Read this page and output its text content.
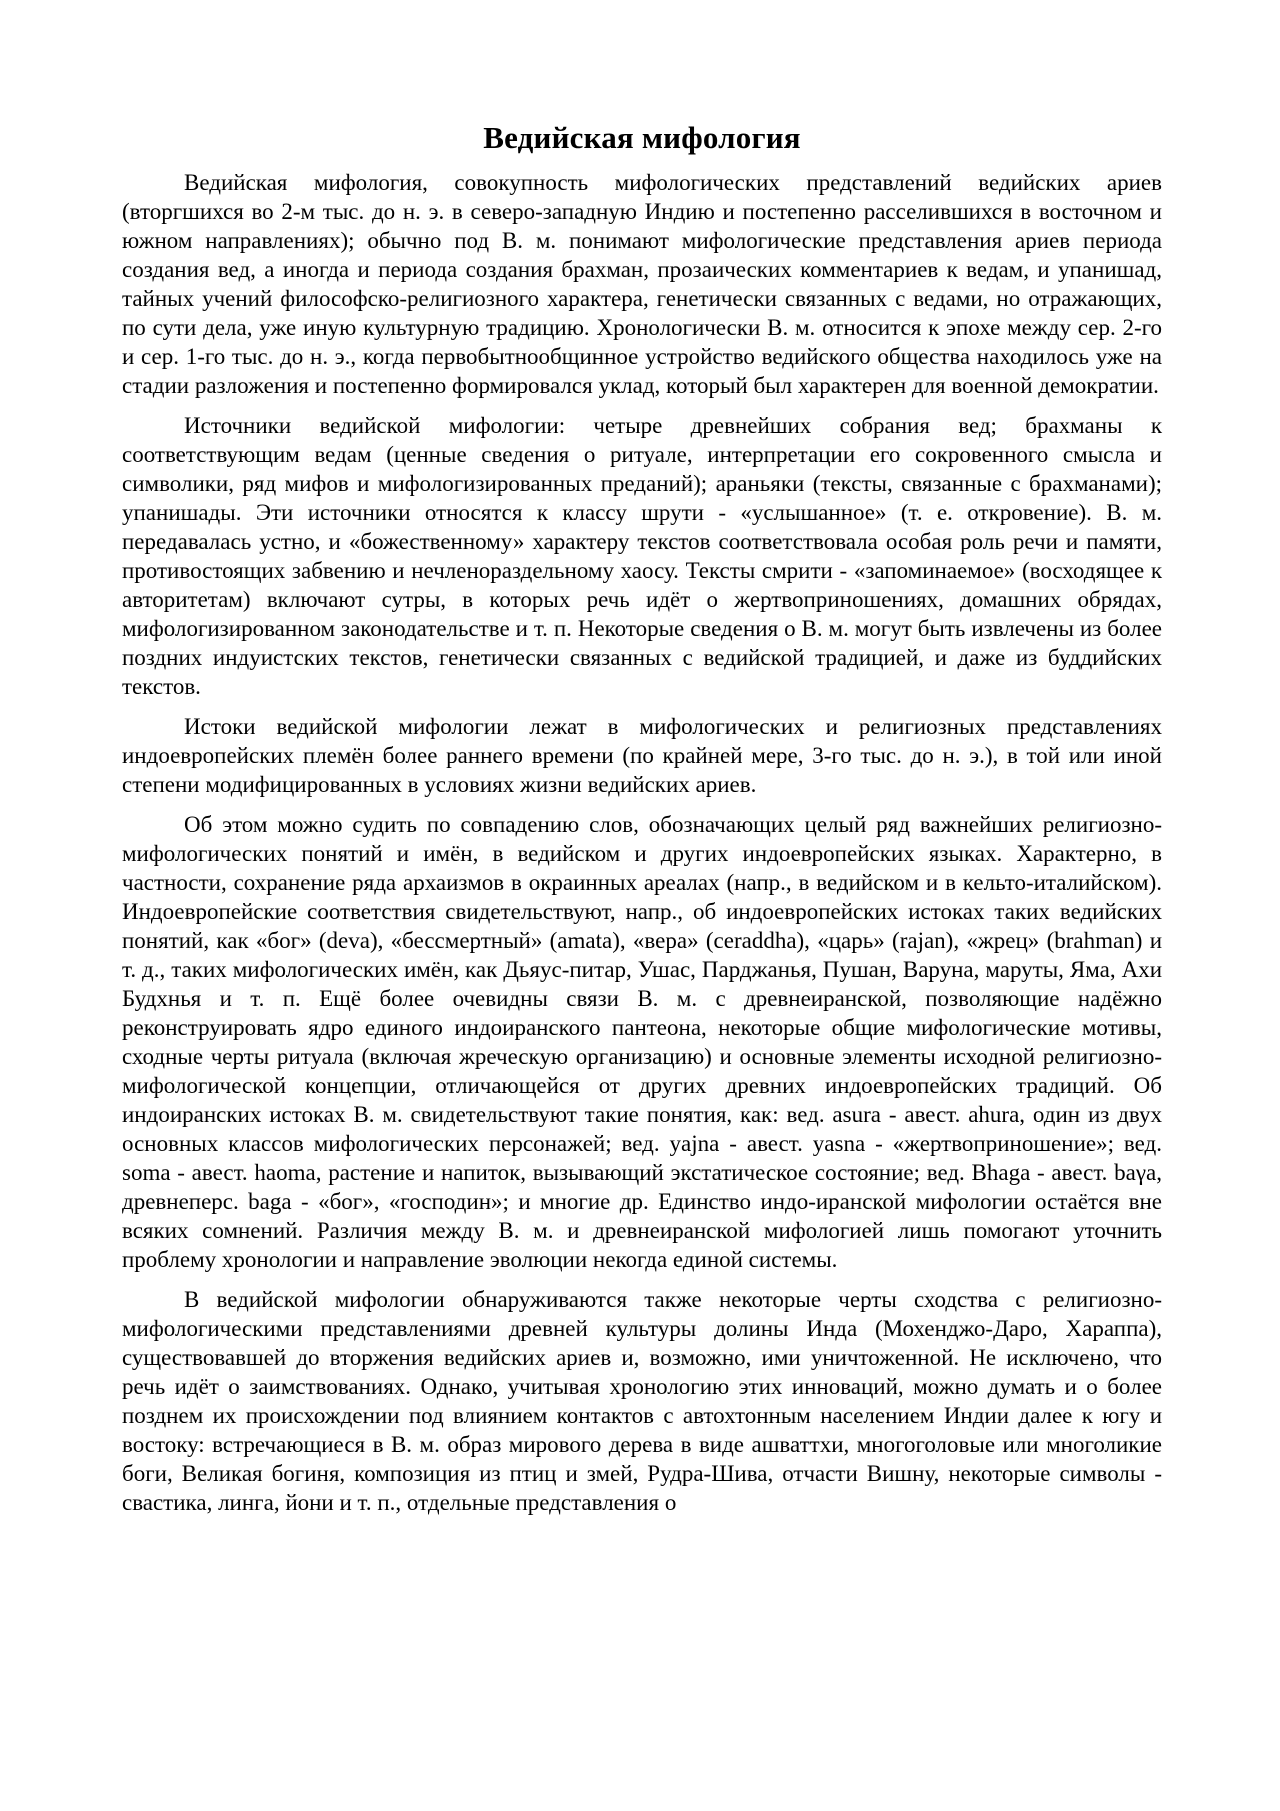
Ведийская мифология

Ведийская мифология, совокупность мифологических представлений ведийских ариев (вторгшихся во 2-м тыс. до н. э. в северо-западную Индию и постепенно расселившихся в восточном и южном направлениях); обычно под В. м. понимают мифологические представления ариев периода создания вед, а иногда и периода создания брахман, прозаических комментариев к ведам, и упанишад, тайных учений философско-религиозного характера, генетически связанных с ведами, но отражающих, по сути дела, уже иную культурную традицию. Хронологически В. м. относится к эпохе между сер. 2-го и сер. 1-го тыс. до н. э., когда первобытнообщинное устройство ведийского общества находилось уже на стадии разложения и постепенно формировался уклад, который был характерен для военной демократии.

Источники ведийской мифологии: четыре древнейших собрания вед; брахманы к соответствующим ведам (ценные сведения о ритуале, интерпретации его сокровенного смысла и символики, ряд мифов и мифологизированных преданий); араньяки (тексты, связанные с брахманами); упанишады. Эти источники относятся к классу шрути - «услышанное» (т. е. откровение). В. м. передавалась устно, и «божественному» характеру текстов соответствовала особая роль речи и памяти, противостоящих забвению и нечленораздельному хаосу. Тексты смрити - «запоминаемое» (восходящее к авторитетам) включают сутры, в которых речь идёт о жертвоприношениях, домашних обрядах, мифологизированном законодательстве и т. п. Некоторые сведения о В. м. могут быть извлечены из более поздних индуистских текстов, генетически связанных с ведийской традицией, и даже из буддийских текстов.

Истоки ведийской мифологии лежат в мифологических и религиозных представлениях индоевропейских племён более раннего времени (по крайней мере, 3-го тыс. до н. э.), в той или иной степени модифицированных в условиях жизни ведийских ариев.

Об этом можно судить по совпадению слов, обозначающих целый ряд важнейших религиозно-мифологических понятий и имён, в ведийском и других индоевропейских языках. Характерно, в частности, сохранение ряда архаизмов в окраинных ареалах (напр., в ведийском и в кельто-италийском). Индоевропейские соответствия свидетельствуют, напр., об индоевропейских истоках таких ведийских понятий, как «бог» (deva), «бессмертный» (amata), «вера» (ceraddha), «царь» (rajan), «жрец» (brahman) и т. д., таких мифологических имён, как Дьяус-питар, Ушас, Парджанья, Пушан, Варуна, маруты, Яма, Ахи Будхнья и т. п. Ещё более очевидны связи В. м. с древнеиранской, позволяющие надёжно реконструировать ядро единого индоиранского пантеона, некоторые общие мифологические мотивы, сходные черты ритуала (включая жреческую организацию) и основные элементы исходной религиозно-мифологической концепции, отличающейся от других древних индоевропейских традиций. Об индоиранских истоках В. м. свидетельствуют такие понятия, как: вед. asura - авест. ahura, один из двух основных классов мифологических персонажей; вед. yajna - авест. yasna - «жертвоприношение»; вед. soma - авест. haoma, растение и напиток, вызывающий экстатическое состояние; вед. Bhaga - авест. baγa, древнеперс. baga - «бог», «господин»; и многие др. Единство индо-иранской мифологии остаётся вне всяких сомнений. Различия между В. м. и древнеиранской мифологией лишь помогают уточнить проблему хронологии и направление эволюции некогда единой системы.

В ведийской мифологии обнаруживаются также некоторые черты сходства с религиозно-мифологическими представлениями древней культуры долины Инда (Мохенджо-Даро, Хараппа), существовавшей до вторжения ведийских ариев и, возможно, ими уничтоженной. Не исключено, что речь идёт о заимствованиях. Однако, учитывая хронологию этих инноваций, можно думать и о более позднем их происхождении под влиянием контактов с автохтонным населением Индии далее к югу и востоку: встречающиеся в В. м. образ мирового дерева в виде ашваттхи, многоголовые или многоликие боги, Великая богиня, композиция из птиц и змей, Рудра-Шива, отчасти Вишну, некоторые символы - свастика, линга, йони и т. п., отдельные представления о
